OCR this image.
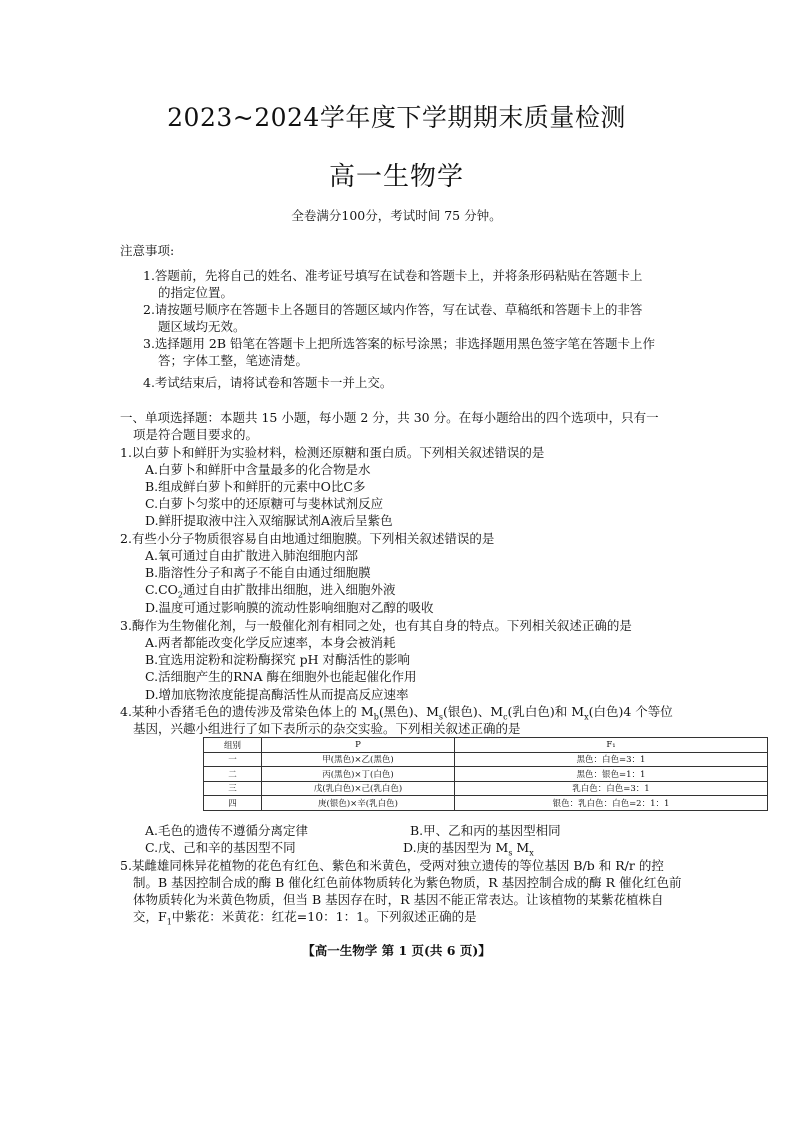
2023~2024学年度下学期期末质量检测
高一生物学
全卷满分100分，考试时间 75 分钟。
注意事项:
1.答题前，先将自己的姓名、准考证号填写在试卷和答题卡上，并将条形码粘贴在答题卡上
的指定位置。
2.请按题号顺序在答题卡上各题目的答题区域内作答，写在试卷、草稿纸和答题卡上的非答
题区域均无效。
3.选择题用 2B 铅笔在答题卡上把所选答案的标号涂黑；非选择题用黑色签字笔在答题卡上作
答；字体工整，笔迹清楚。
4.考试结束后，请将试卷和答题卡一并上交。
一、单项选择题：本题共 15 小题，每小题 2 分，共 30 分。在每小题给出的四个选项中，只有一
项是符合题目要求的。
1.以白萝卜和鲜肝为实验材料，检测还原糖和蛋白质。下列相关叙述错误的是
A.白萝卜和鲜肝中含量最多的化合物是水
B.组成鲜白萝卜和鲜肝的元素中O比C多
C.白萝卜匀浆中的还原糖可与斐林试剂反应
D.鲜肝提取液中注入双缩脲试剂A液后呈紫色
2.有些小分子物质很容易自由地通过细胞膜。下列相关叙述错误的是
A.氧可通过自由扩散进入肺泡细胞内部
B.脂溶性分子和离子不能自由通过细胞膜
$C.CO_2$通过自由扩散排出细胞，进入细胞外液
D.温度可通过影响膜的流动性影响细胞对乙醇的吸收
3.酶作为生物催化剂，与一般催化剂有相同之处，也有其自身的特点。下列相关叙述正确的是
A.两者都能改变化学反应速率，本身会被消耗
B.宜选用淀粉和淀粉酶探究 pH 对酶活性的影响
C.活细胞产生的RNA 酶在细胞外也能起催化作用
D.增加底物浓度能提高酶活性从而提高反应速率
4.某种小香猪毛色的遗传涉及常染色体上的 $M_b$(黑色)、$M_s$(银色)、$M_c$(乳白色)和 $M_x$(白色)4 个等位
基因，兴趣小组进行了如下表所示的杂交实验。下列相关叙述正确的是
组别	P	F₁
一	甲(黑色)×乙(黑色)	黑色：白色=3：1
二	丙(黑色)×丁(白色)	黑色：银色=1：1
三	戊(乳白色)×己(乳白色)	乳白色：白色=3：1
四	庚(银色)×辛(乳白色)	银色：乳白色：白色=2：1：1
A.毛色的遗传不遵循分离定律	B.甲、乙和丙的基因型相同
C.戊、己和辛的基因型不同	D.庚的基因型为 $M_s$ $M_x$
5.某雌雄同株异花植物的花色有红色、紫色和米黄色，受两对独立遗传的等位基因 B/b 和 R/r 的控
制。B 基因控制合成的酶 B 催化红色前体物质转化为紫色物质，R 基因控制合成的酶 R 催化红色前
体物质转化为米黄色物质，但当 B 基因存在时，R 基因不能正常表达。让该植物的某紫花植株自
交，$F_1$中紫花：米黄花：红花=10：1：1。下列叙述正确的是
【高一生物学 第 1 页(共 6 页)】
